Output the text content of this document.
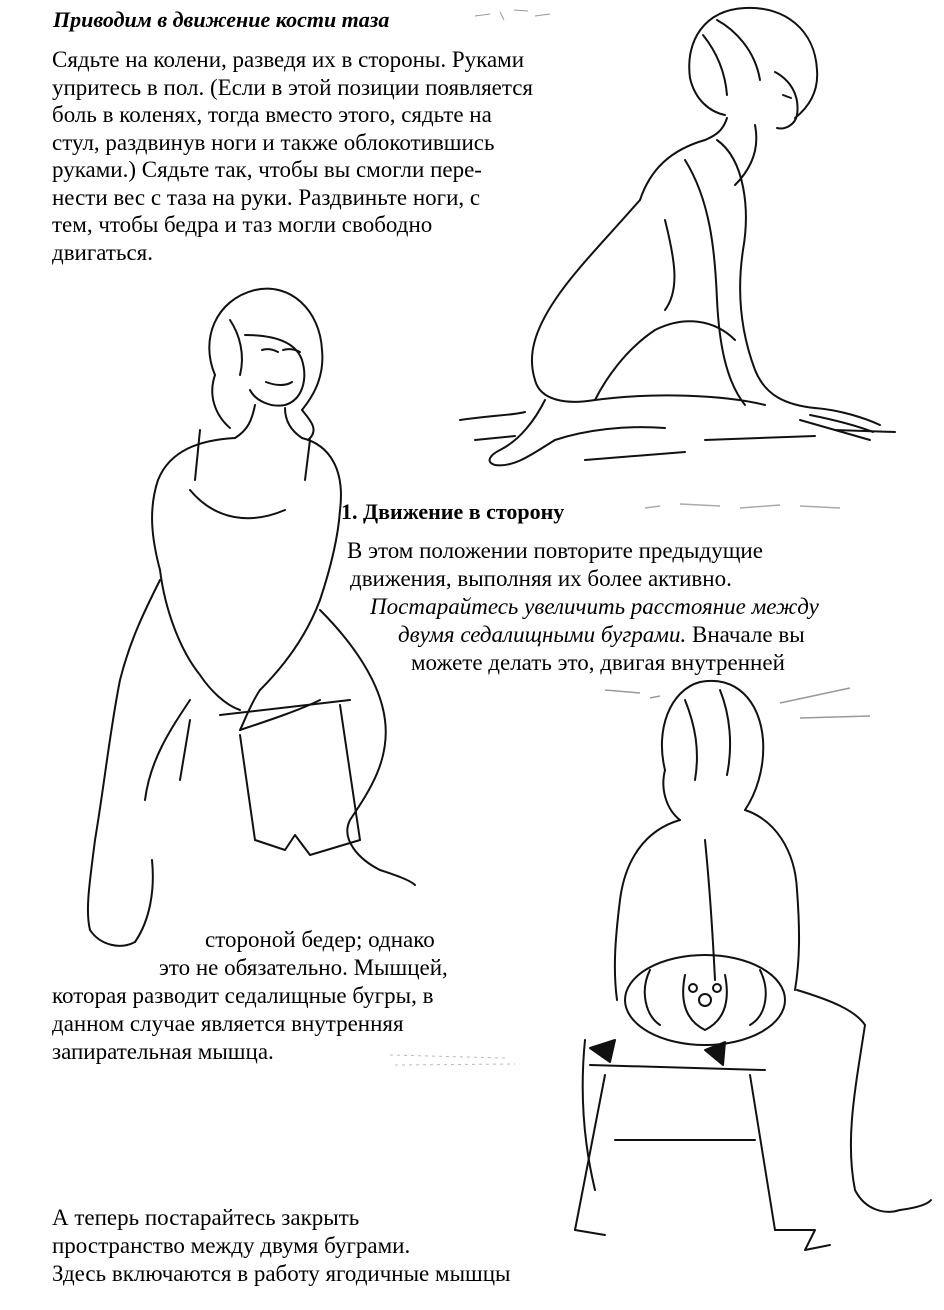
Приводим в движение кости таза

Сядьте на колени, разведя их в стороны. Руками
упритесь в пол. (Если в этой позиции появляется
боль в коленях, тогда вместо этого, сядьте на
стул, раздвинув ноги и также облокотившись
руками.) Сядьте так, чтобы вы смогли пере-
нести вес с таза на руки. Раздвиньте ноги, с
тем, чтобы бедра и таз могли свободно
двигаться.

1. Движение в сторону

В этом положении повторите предыдущие
движения, выполняя их более активно.
Постарайтесь увеличить расстояние между
двумя седалищными буграми. Вначале вы
можете делать это, двигая внутренней

стороной бедер; однако
это не обязательно. Мышцей,
которая разводит седалищные бугры, в
данном случае является внутренняя
запирательная мышца.

А теперь постарайтесь закрыть
пространство между двумя буграми.
Здесь включаются в работу ягодичные мышцы
